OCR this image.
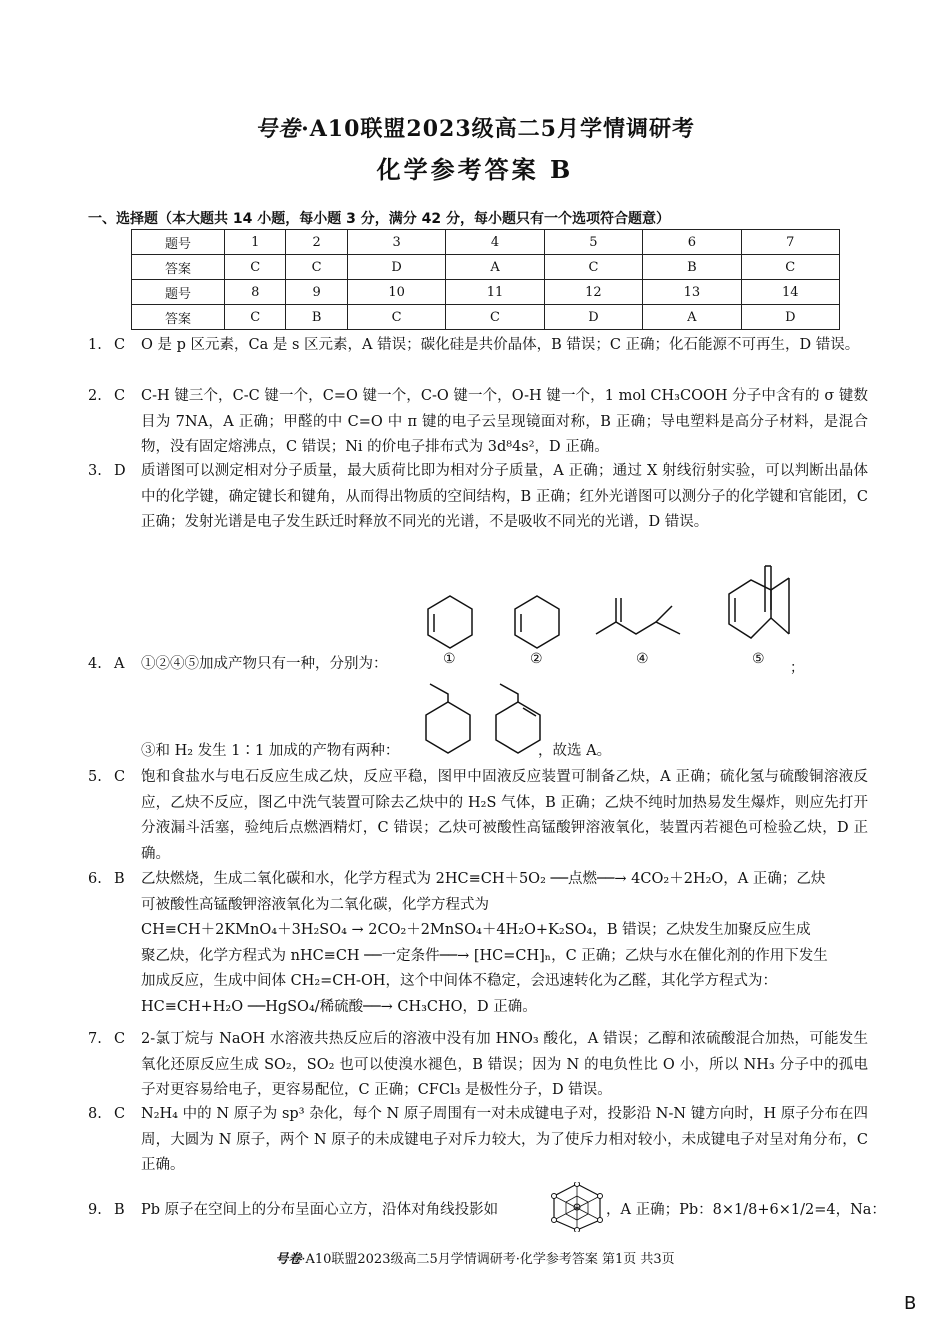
号卷·A10联盟2023级高二5月学情调研考
化学参考答案 B
一、选择题（本大题共 14 小题，每小题 3 分，满分 42 分，每小题只有一个选项符合题意）
题号	1	2	3	4	5	6	7
答案	C	C	D	A	C	B	C
题号	8	9	10	11	12	13	14
答案	C	B	C	C	D	A	D
1. C	O 是 p 区元素，Ca 是 s 区元素，A 错误；碳化硅是共价晶体，B 错误；C 正确；化石能源不可再生，D 错误。
2. C	C-H 键三个，C-C 键一个，C=O 键一个，C-O 键一个，O-H 键一个，1 mol CH₃COOH 分子中含有的 σ 键数目为 7NA，A 正确；甲醛的中 C=O 中 π 键的电子云呈现镜面对称，B 正确；导电塑料是高分子材料，是混合物，没有固定熔沸点，C 错误；Ni 的价电子排布式为 3d⁸4s²，D 正确。
3. D	质谱图可以测定相对分子质量，最大质荷比即为相对分子质量，A 正确；通过 X 射线衍射实验，可以判断出晶体中的化学键，确定键长和键角，从而得出物质的空间结构，B 正确；红外光谱图可以测分子的化学键和官能团，C 正确；发射光谱是电子发生跃迁时释放不同光的光谱，不是吸收不同光的光谱，D 错误。
4. A	①②④⑤加成产物只有一种，分别为：	；
③和 H₂ 发生 1∶1 加成的产物有两种：	，故选 A。
①	②	④	⑤
5. C	饱和食盐水与电石反应生成乙炔，反应平稳，图甲中固液反应装置可制备乙炔，A 正确；硫化氢与硫酸铜溶液反应，乙炔不反应，图乙中洗气装置可除去乙炔中的 H₂S 气体，B 正确；乙炔不纯时加热易发生爆炸，则应先打开分液漏斗活塞，验纯后点燃酒精灯，C 错误；乙炔可被酸性高锰酸钾溶液氧化，装置丙若褪色可检验乙炔，D 正确。
6. B	乙炔燃烧，生成二氧化碳和水，化学方程式为 2HC≡CH＋5O₂ ──点燃──→ 4CO₂＋2H₂O，A 正确；乙炔
可被酸性高锰酸钾溶液氧化为二氧化碳，化学方程式为
CH≡CH＋2KMnO₄＋3H₂SO₄ → 2CO₂＋2MnSO₄＋4H₂O+K₂SO₄，B 错误；乙炔发生加聚反应生成
聚乙炔，化学方程式为 nHC≡CH ──一定条件──→ [HC=CH]ₙ，C 正确；乙炔与水在催化剂的作用下发生
加成反应，生成中间体 CH₂=CH-OH，这个中间体不稳定，会迅速转化为乙醛，其化学方程式为：
HC≡CH+H₂O ──HgSO₄/稀硫酸──→ CH₃CHO，D 正确。
7. C	2-氯丁烷与 NaOH 水溶液共热反应后的溶液中没有加 HNO₃ 酸化，A 错误；乙醇和浓硫酸混合加热，可能发生氧化还原反应生成 SO₂，SO₂ 也可以使溴水褪色，B 错误；因为 N 的电负性比 O 小，所以 NH₃ 分子中的孤电子对更容易给电子，更容易配位，C 正确；CFCl₃ 是极性分子，D 错误。
8. C	N₂H₄ 中的 N 原子为 sp³ 杂化，每个 N 原子周围有一对未成键电子对，投影沿 N-N 键方向时，H 原子分布在四周，大圆为 N 原子，两个 N 原子的未成键电子对斥力较大，为了使斥力相对较小，未成键电子对呈对角分布，C 正确。
9. B	Pb 原子在空间上的分布呈面心立方，沿体对角线投影如	，A 正确；Pb：8×1/8+6×1/2=4，Na：
号卷·A10联盟2023级高二5月学情调研考·化学参考答案 第1页 共3页
B
